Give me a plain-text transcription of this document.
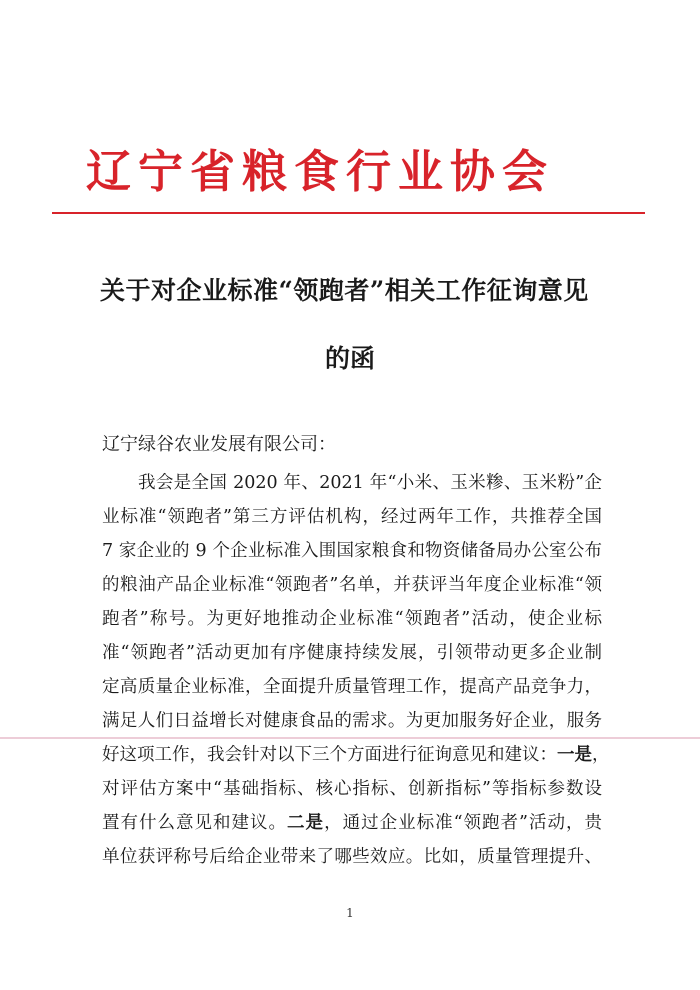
辽宁省粮食行业协会
关于对企业标准“领跑者”相关工作征询意见
的函
辽宁绿谷农业发展有限公司：
我会是全国 2020 年、2021 年“小米、玉米糁、玉米粉”企
业标准“领跑者”第三方评估机构，经过两年工作，共推荐全国
7 家企业的 9 个企业标准入围国家粮食和物资储备局办公室公布
的粮油产品企业标准“领跑者”名单，并获评当年度企业标准“领
跑者”称号。为更好地推动企业标准“领跑者”活动，使企业标
准“领跑者”活动更加有序健康持续发展，引领带动更多企业制
定高质量企业标准，全面提升质量管理工作，提高产品竞争力，
满足人们日益增长对健康食品的需求。为更加服务好企业，服务
好这项工作，我会针对以下三个方面进行征询意见和建议：一是，
对评估方案中“基础指标、核心指标、创新指标”等指标参数设
置有什么意见和建议。二是，通过企业标准“领跑者”活动，贵
单位获评称号后给企业带来了哪些效应。比如，质量管理提升、
1
